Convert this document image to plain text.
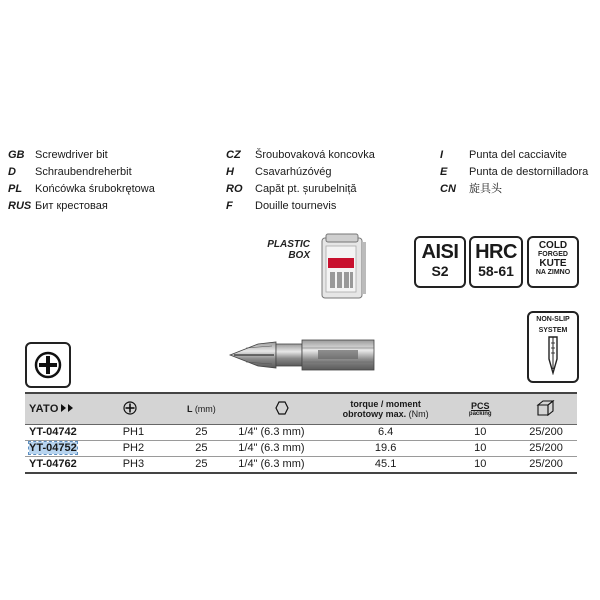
GB Screwdriver bit	CZ Šroubovaková koncovka	I Punta del cacciavite
D Schraubendreherbit	H Csavarhúzóvég	E Punta de destornilladora
PL Końcówka śrubokrętowa	RO Capăt pt. șurubelniță	CN 旋具头
RUS Бит крестовая	F Douille tournevis
PLASTIC
BOX	AISI
S2
HRC
58-61
COLD
FORGED
KUTE
NA ZIMNO
NON-SLIP
SYSTEM
YATO		L (mm)		torque / moment
obrotowy max. (Nm)	PCS
packing

YT-04742	PH1	25	1/4" (6.3 mm)	6.4	10	25/200
YT-04752	PH2	25	1/4" (6.3 mm)	19.6	10	25/200
YT-04762	PH3	25	1/4" (6.3 mm)	45.1	10	25/200
